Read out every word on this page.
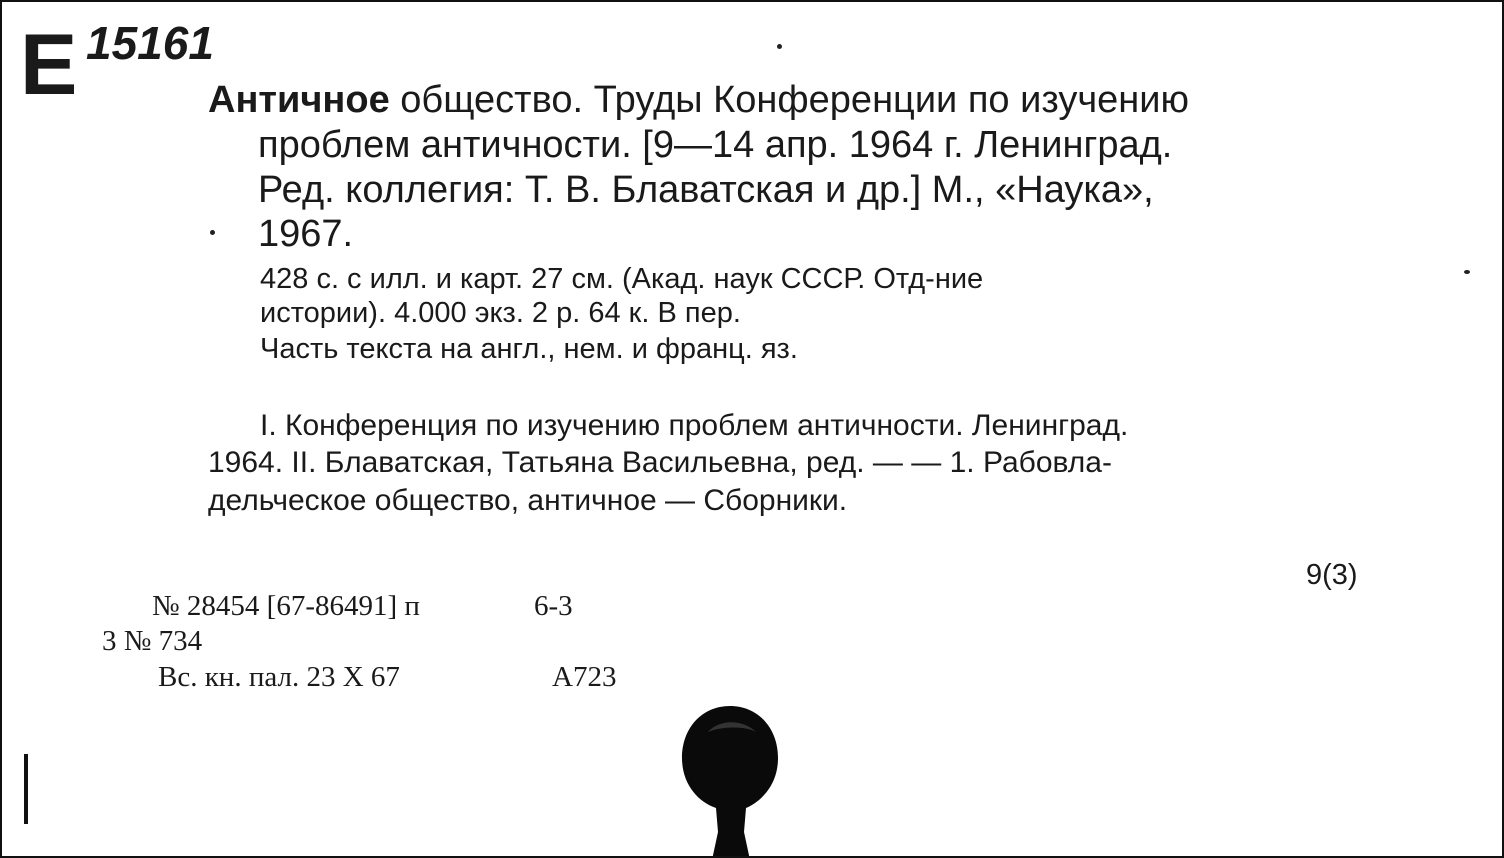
E 15161
Античное общество. Труды Конференции по изучению
проблем античности. [9—14 апр. 1964 г. Ленинград.
Ред. коллегия: Т. В. Блаватская и др.] М., «Наука»,
1967.
428 с. с илл. и карт. 27 см. (Акад. наук СССР. Отд-ние
истории). 4.000 экз. 2 р. 64 к. В пер.
Часть текста на англ., нем. и франц. яз.
I. Конференция по изучению проблем античности. Ленинград.
1964. II. Блаватская, Татьяна Васильевна, ред. — — 1. Рабовла-
дельческое общество, античное — Сборники.
9(3)
№ 28454 [67-86491] п	6-3
3 № 734
Вс. кн. пал. 23 X 67	A723
